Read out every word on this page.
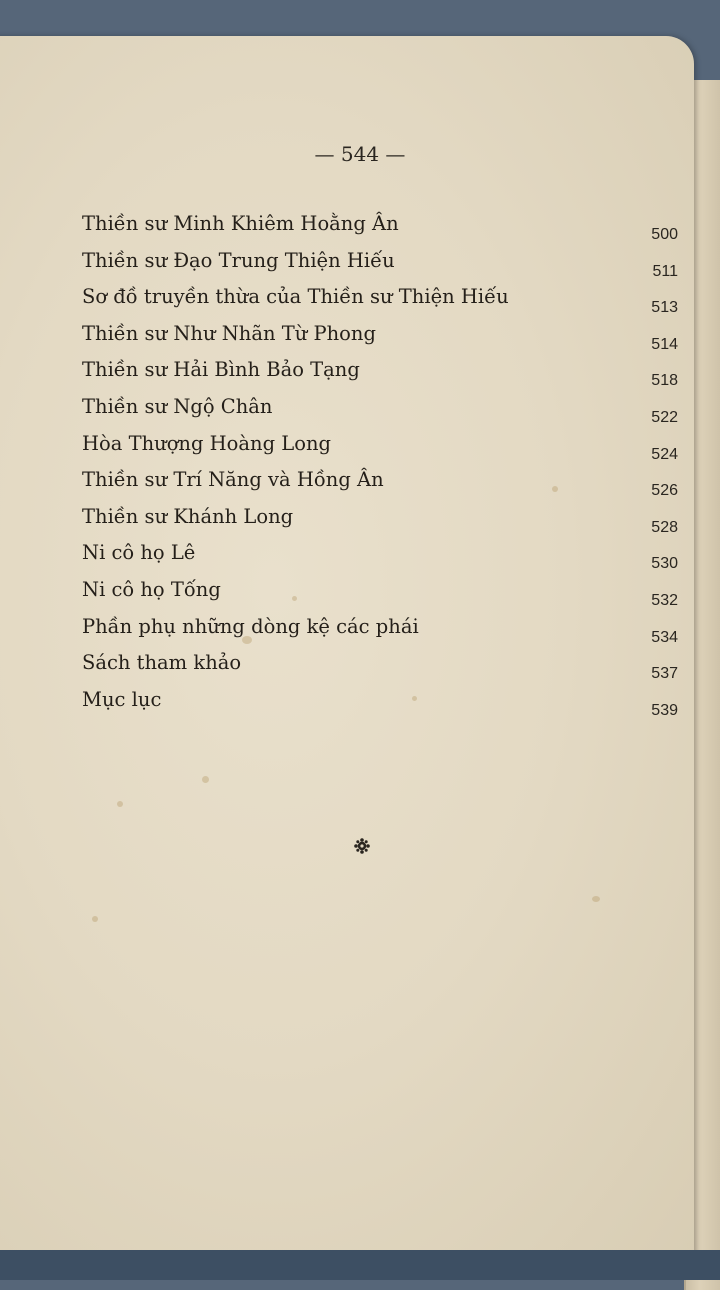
— 544 —
Thiền sư Minh Khiêm Hoằng Ân	500
Thiền sư Đạo Trung Thiện Hiếu	511
Sơ đồ truyền thừa của Thiền sư Thiện Hiếu	513
Thiền sư Như Nhãn Từ Phong	514
Thiền sư Hải Bình Bảo Tạng	518
Thiền sư Ngộ Chân	522
Hòa Thượng Hoàng Long	524
Thiền sư Trí Năng và Hồng Ân	526
Thiền sư Khánh Long	528
Ni cô họ Lê	530
Ni cô họ Tống	532
Phần phụ những dòng kệ các phái	534
Sách tham khảo	537
Mục lục	539
